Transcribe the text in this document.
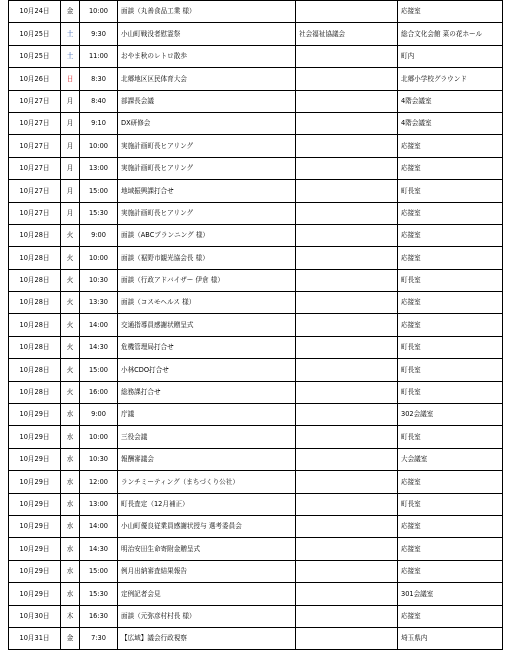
10月24日	金	10:00	面談（丸善食品工業 様）		応接室
10月25日	土	9:30	小山町戦没者慰霊祭	社会福祉協議会	総合文化会館 菜の花ホール
10月25日	土	11:00	おやま秋のレトロ散歩		町内
10月26日	日	8:30	北郷地区区民体育大会		北郷小学校グラウンド
10月27日	月	8:40	部課長会議		4階会議室
10月27日	月	9:10	DX研修会		4階会議室
10月27日	月	10:00	実施計画町長ヒアリング		応接室
10月27日	月	13:00	実施計画町長ヒアリング		応接室
10月27日	月	15:00	地域振興課打合せ		町長室
10月27日	月	15:30	実施計画町長ヒアリング		応接室
10月28日	火	9:00	面談（ABCプランニング 様）		応接室
10月28日	火	10:00	面談（裾野市観光協会長 様）		応接室
10月28日	火	10:30	面談（行政アドバイザー 伊倉 様）		町長室
10月28日	火	13:30	面談（コスモヘルス 様）		応接室
10月28日	火	14:00	交通指導員感謝状贈呈式		応接室
10月28日	火	14:30	危機管理局打合せ		町長室
10月28日	火	15:00	小林CDO打合せ		町長室
10月28日	火	16:00	総務課打合せ		町長室
10月29日	水	9:00	庁議		302会議室
10月29日	水	10:00	三役会議		町長室
10月29日	水	10:30	報酬審議会		大会議室
10月29日	水	12:00	ランチミーティング（まちづくり公社）		応接室
10月29日	水	13:00	町長査定（12月補正）		町長室
10月29日	水	14:00	小山町優良従業員感謝状授与 選考委員会		応接室
10月29日	水	14:30	明治安田生命寄附金贈呈式		応接室
10月29日	水	15:00	例月出納審査結果報告		応接室
10月29日	水	15:30	定例記者会見		301会議室
10月30日	木	16:30	面談（元弥彦村村長 様）		応接室
10月31日	金	7:30	【広域】議会行政視察		埼玉県内
